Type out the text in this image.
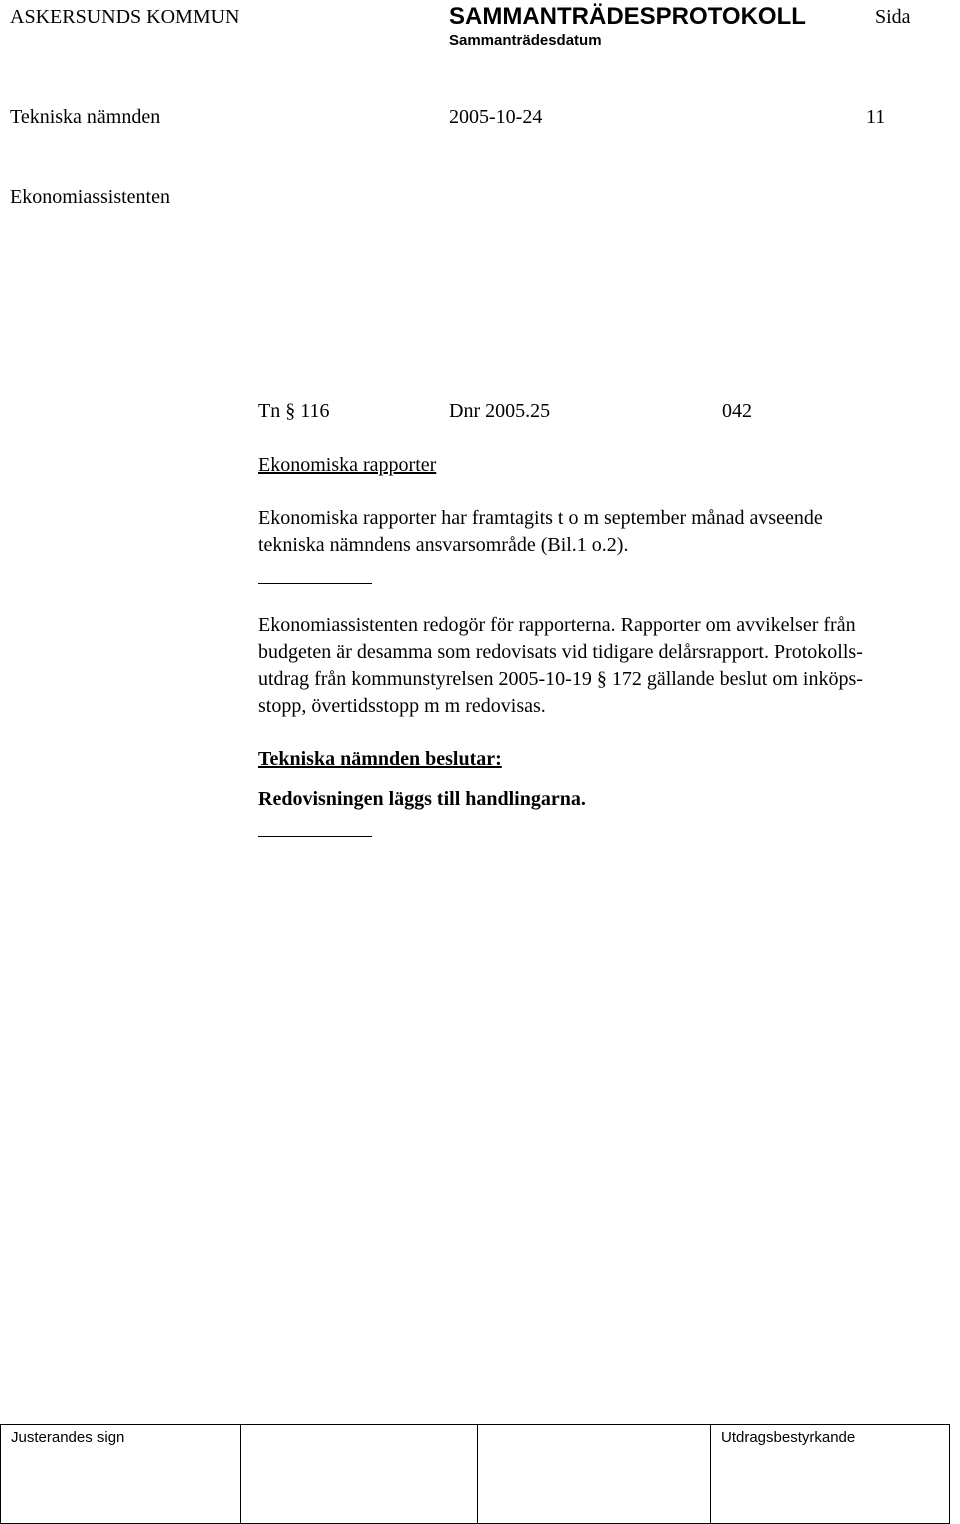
ASKERSUNDS KOMMUN	SAMMANTRÄDESPROTOKOLL	Sida
Sammanträdesdatum
Tekniska nämnden	2005-10-24	11
Ekonomiassistenten
Tn § 116	Dnr 2005.25	042
Ekonomiska rapporter
Ekonomiska rapporter har framtagits t o m september månad avseende
tekniska nämndens ansvarsområde (Bil.1 o.2).
Ekonomiassistenten redogör för rapporterna. Rapporter om avvikelser från
budgeten är desamma som redovisats vid tidigare delårsrapport. Protokolls-
utdrag från kommunstyrelsen 2005-10-19 § 172 gällande beslut om inköps-
stopp, övertidsstopp m m redovisas.
Tekniska nämnden beslutar:
Redovisningen läggs till handlingarna.
Justerandes sign	Utdragsbestyrkande
